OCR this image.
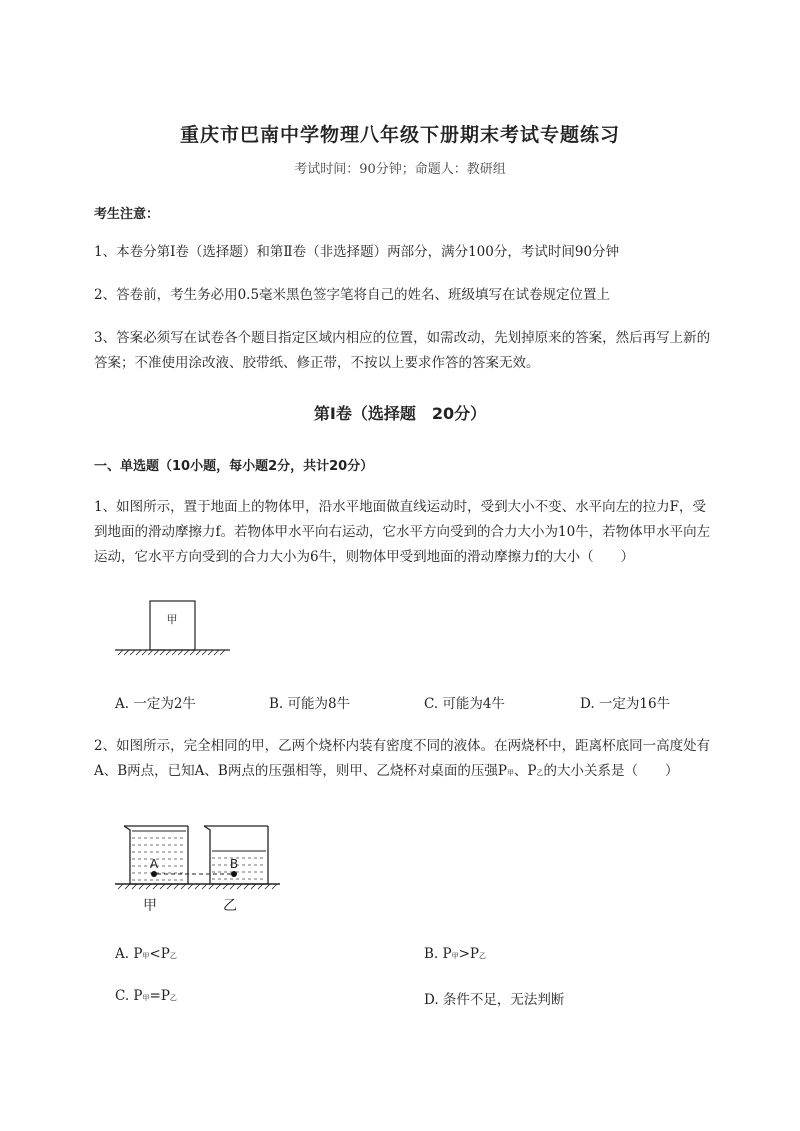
重庆市巴南中学物理八年级下册期末考试专题练习
考试时间：90分钟；命题人：教研组
考生注意：
1、本卷分第Ⅰ卷（选择题）和第Ⅱ卷（非选择题）两部分，满分100分，考试时间90分钟
2、答卷前，考生务必用0.5毫米黑色签字笔将自己的姓名、班级填写在试卷规定位置上
3、答案必须写在试卷各个题目指定区域内相应的位置，如需改动，先划掉原来的答案，然后再写上新的答案；不准使用涂改液、胶带纸、修正带，不按以上要求作答的答案无效。
第Ⅰ卷（选择题　20分）
一、单选题（10小题，每小题2分，共计20分）
1、如图所示，置于地面上的物体甲，沿水平地面做直线运动时，受到大小不变、水平向左的拉力F，受到地面的滑动摩擦力f。若物体甲水平向右运动，它水平方向受到的合力大小为10牛，若物体甲水平向左运动，它水平方向受到的合力大小为6牛，则物体甲受到地面的滑动摩擦力f的大小（　　）
甲
A. 一定为2牛	B. 可能为8牛	C. 可能为4牛	D. 一定为16牛
2、如图所示，完全相同的甲，乙两个烧杯内装有密度不同的液体。在两烧杯中，距离杯底同一高度处有A、B两点，已知A、B两点的压强相等，则甲、乙烧杯对桌面的压强P甲、P乙的大小关系是（　　）
A	B
甲	乙
A. P甲<P乙	B. P甲>P乙
C. P甲=P乙	D. 条件不足，无法判断
